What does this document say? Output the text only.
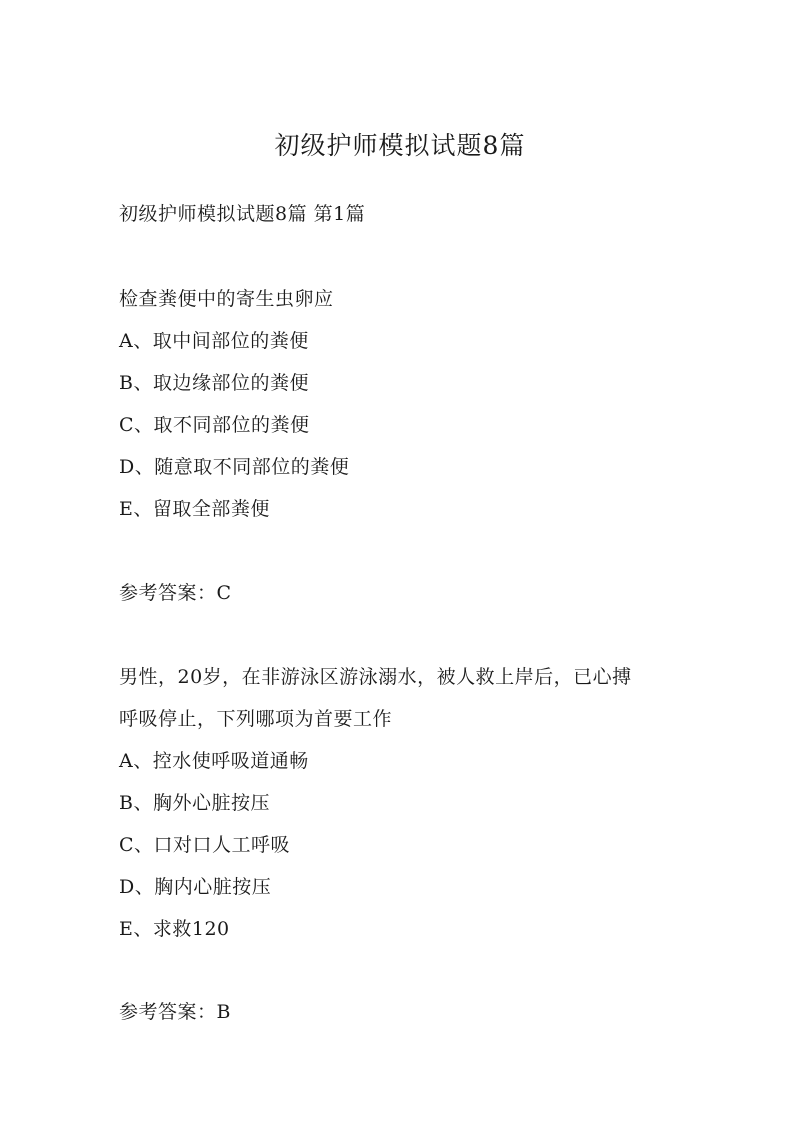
初级护师模拟试题8篇
初级护师模拟试题8篇 第1篇
检查粪便中的寄生虫卵应
A、取中间部位的粪便
B、取边缘部位的粪便
C、取不同部位的粪便
D、随意取不同部位的粪便
E、留取全部粪便
参考答案：C
男性，20岁，在非游泳区游泳溺水，被人救上岸后，已心搏
呼吸停止，下列哪项为首要工作
A、控水使呼吸道通畅
B、胸外心脏按压
C、口对口人工呼吸
D、胸内心脏按压
E、求救120
参考答案：B
